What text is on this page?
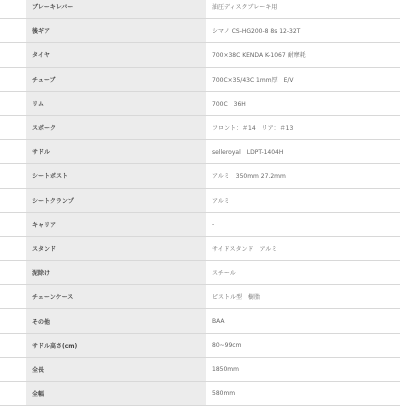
ブレーキレバー	油圧ディスクブレーキ用
後ギア	シマノ CS-HG200-8 8s 12-32T
タイヤ	700×38C KENDA K-1067 耐摩耗
チューブ	700C×35/43C 1mm厚　E/V
リム	700C　36H
スポーク	フロント：＃14　リア：＃13
サドル	selleroyal　LDPT-1404H
シートポスト	アルミ　350mm 27.2mm
シートクランプ	アルミ
キャリア	-
スタンド	サイドスタンド　アルミ
泥除け	スチール
チェーンケース	ピストル型　樹脂
その他	BAA
サドル高さ(cm)	80~99cm
全長	1850mm
全幅	580mm
